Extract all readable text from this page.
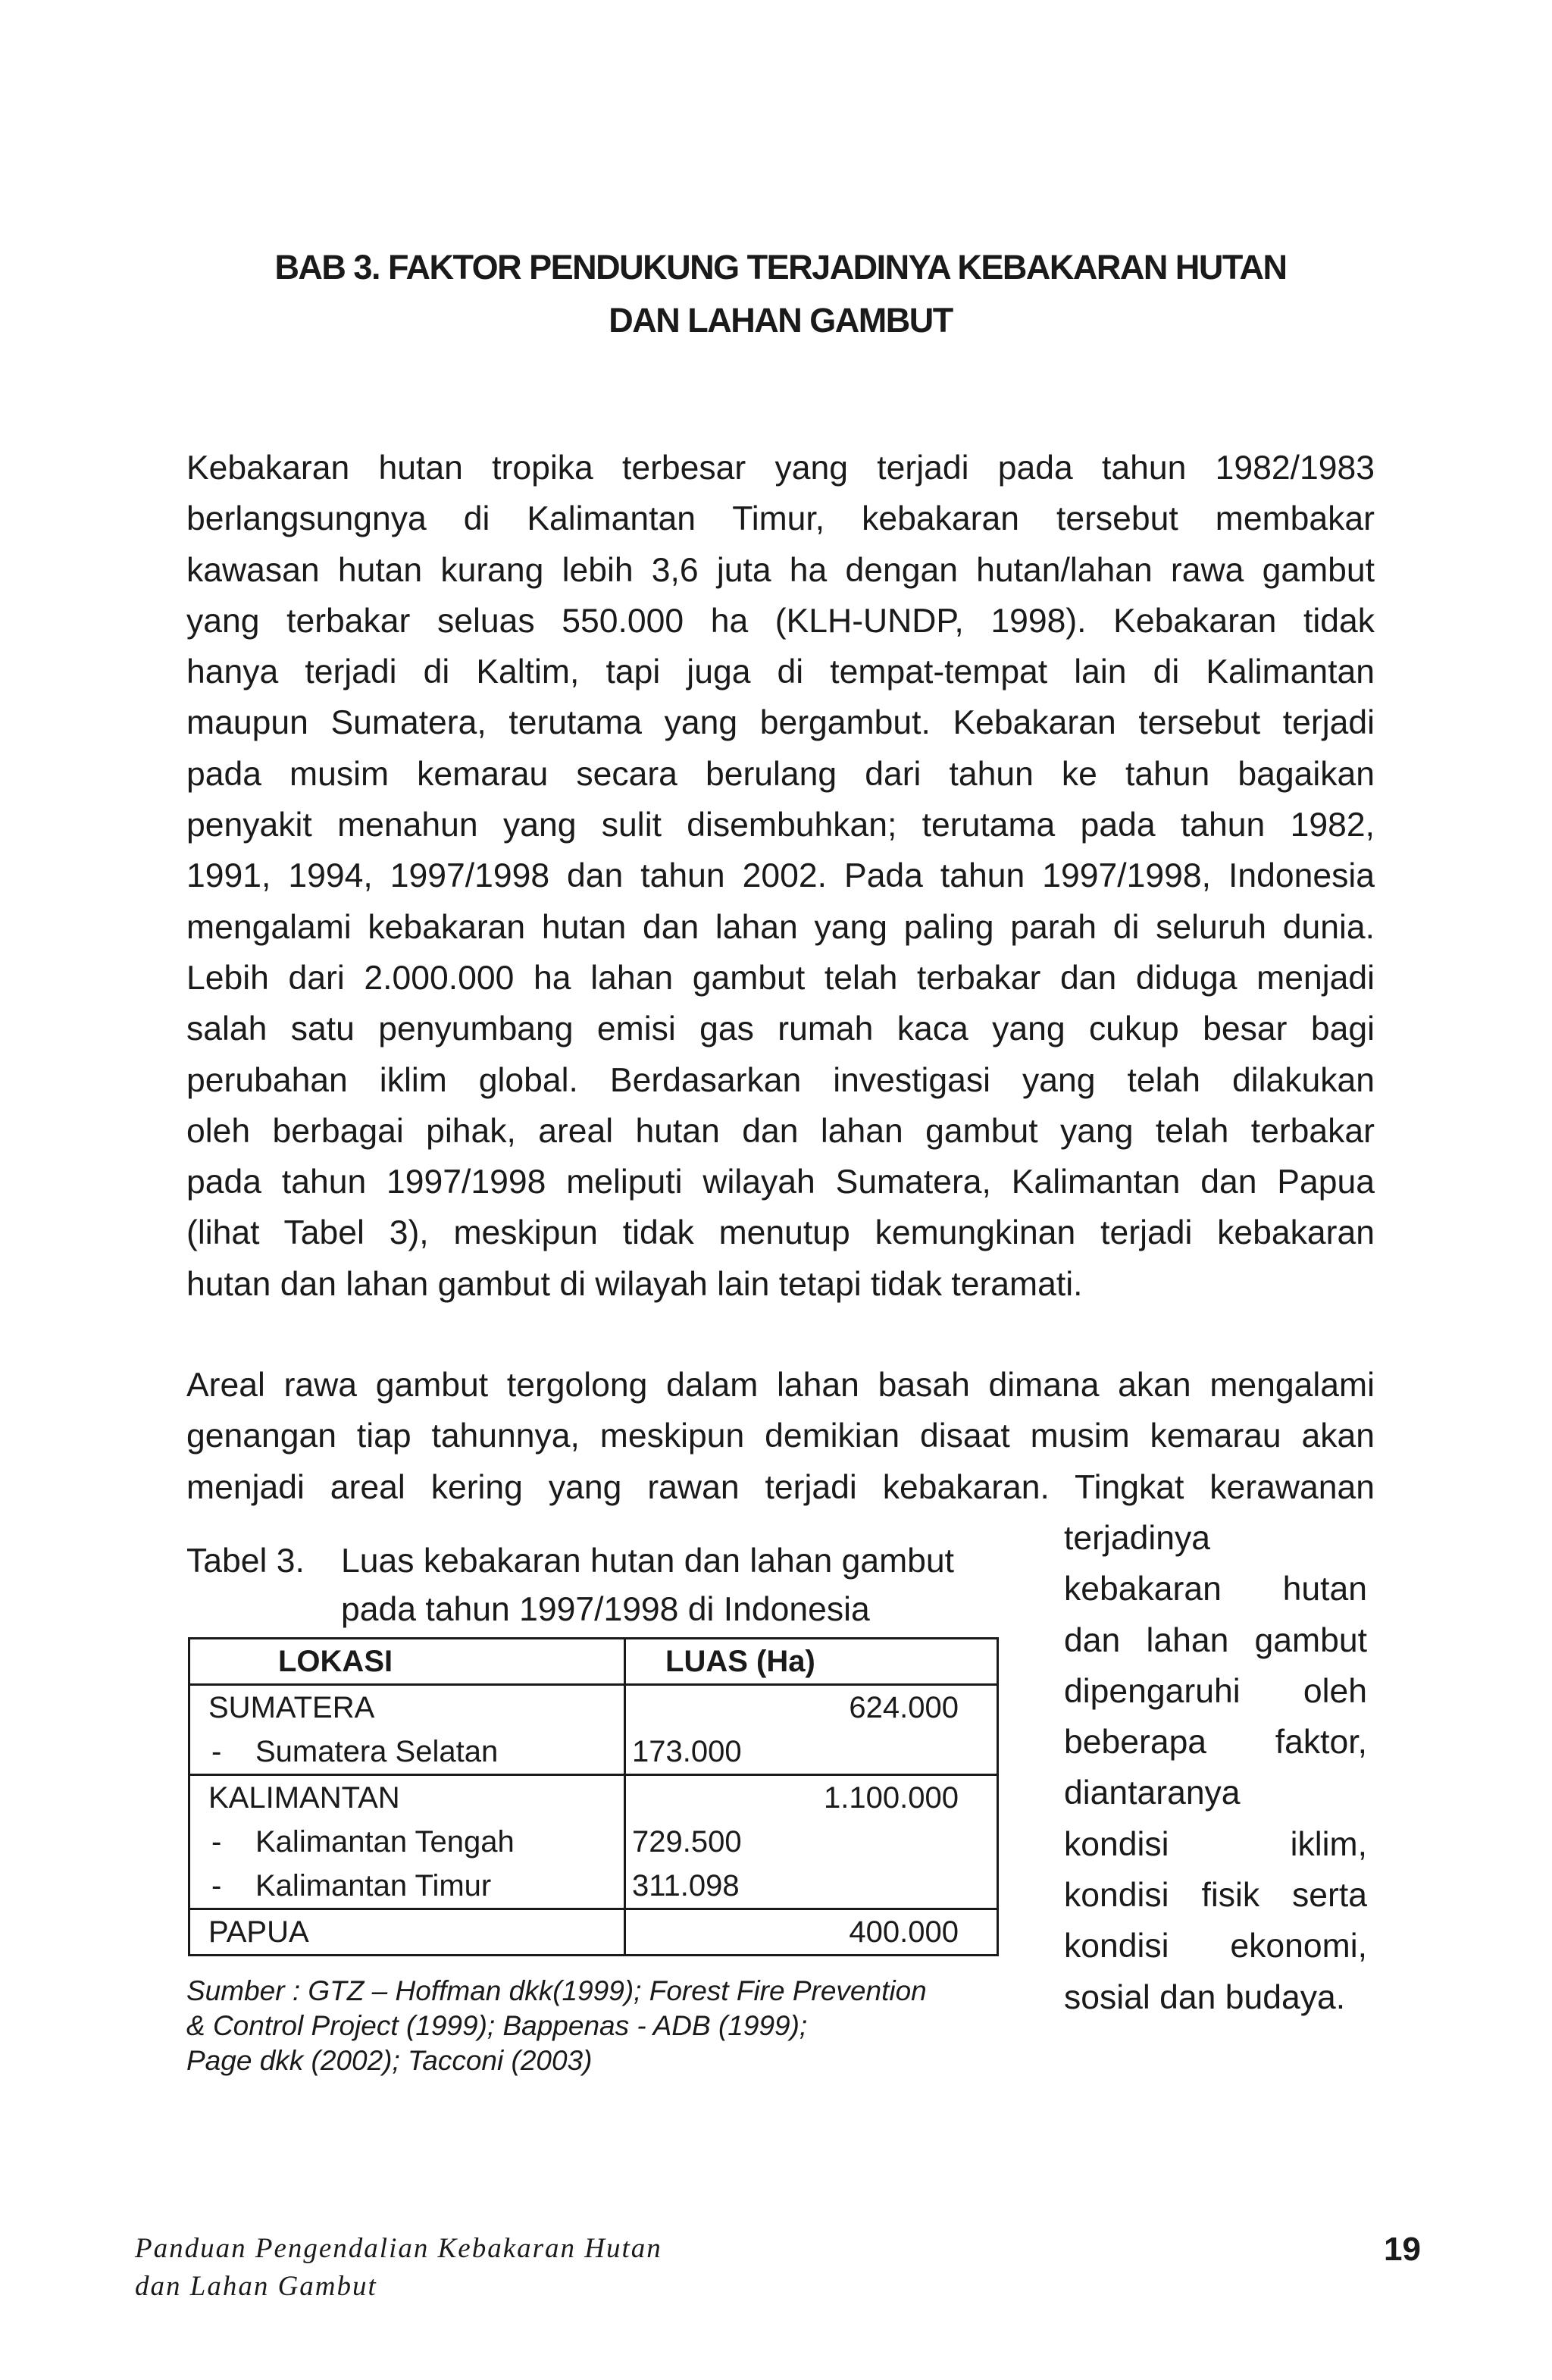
BAB 3. FAKTOR PENDUKUNG TERJADINYA KEBAKARAN HUTAN
DAN LAHAN GAMBUT

Kebakaran hutan tropika terbesar yang terjadi pada tahun 1982/1983
berlangsungnya di Kalimantan Timur, kebakaran tersebut membakar
kawasan hutan kurang lebih 3,6 juta ha dengan hutan/lahan rawa gambut
yang terbakar seluas 550.000 ha (KLH-UNDP, 1998). Kebakaran tidak
hanya terjadi di Kaltim, tapi juga di tempat-tempat lain di Kalimantan
maupun Sumatera, terutama yang bergambut. Kebakaran tersebut terjadi
pada musim kemarau secara berulang dari tahun ke tahun bagaikan
penyakit menahun yang sulit disembuhkan; terutama pada tahun 1982,
1991, 1994, 1997/1998 dan tahun 2002. Pada tahun 1997/1998, Indonesia
mengalami kebakaran hutan dan lahan yang paling parah di seluruh dunia.
Lebih dari 2.000.000 ha lahan gambut telah terbakar dan diduga menjadi
salah satu penyumbang emisi gas rumah kaca yang cukup besar bagi
perubahan iklim global. Berdasarkan investigasi yang telah dilakukan
oleh berbagai pihak, areal hutan dan lahan gambut yang telah terbakar
pada tahun 1997/1998 meliputi wilayah Sumatera, Kalimantan dan Papua
(lihat Tabel 3), meskipun tidak menutup kemungkinan terjadi kebakaran
hutan dan lahan gambut di wilayah lain tetapi tidak teramati.

Areal rawa gambut tergolong dalam lahan basah dimana akan mengalami
genangan tiap tahunnya, meskipun demikian disaat musim kemarau akan
menjadi areal kering yang rawan terjadi kebakaran. Tingkat kerawanan

terjadinya
kebakaran hutan
dan lahan gambut
dipengaruhi oleh
beberapa faktor,
diantaranya
kondisi iklim,
kondisi fisik serta
kondisi ekonomi,
sosial dan budaya.

Tabel 3.	Luas kebakaran hutan dan lahan gambut
pada tahun 1997/1998 di Indonesia
LOKASI	LUAS (Ha)	
SUMATERA		624.000
- Sumatera Selatan	173.000	
KALIMANTAN		1.100.000
- Kalimantan Tengah	729.500	
- Kalimantan Timur	311.098	
PAPUA		400.000
Sumber : GTZ – Hoffman dkk(1999); Forest Fire Prevention
& Control Project (1999); Bappenas - ADB (1999);
Page dkk (2002); Tacconi (2003)
Panduan Pengendalian Kebakaran Hutan
dan Lahan Gambut
19
